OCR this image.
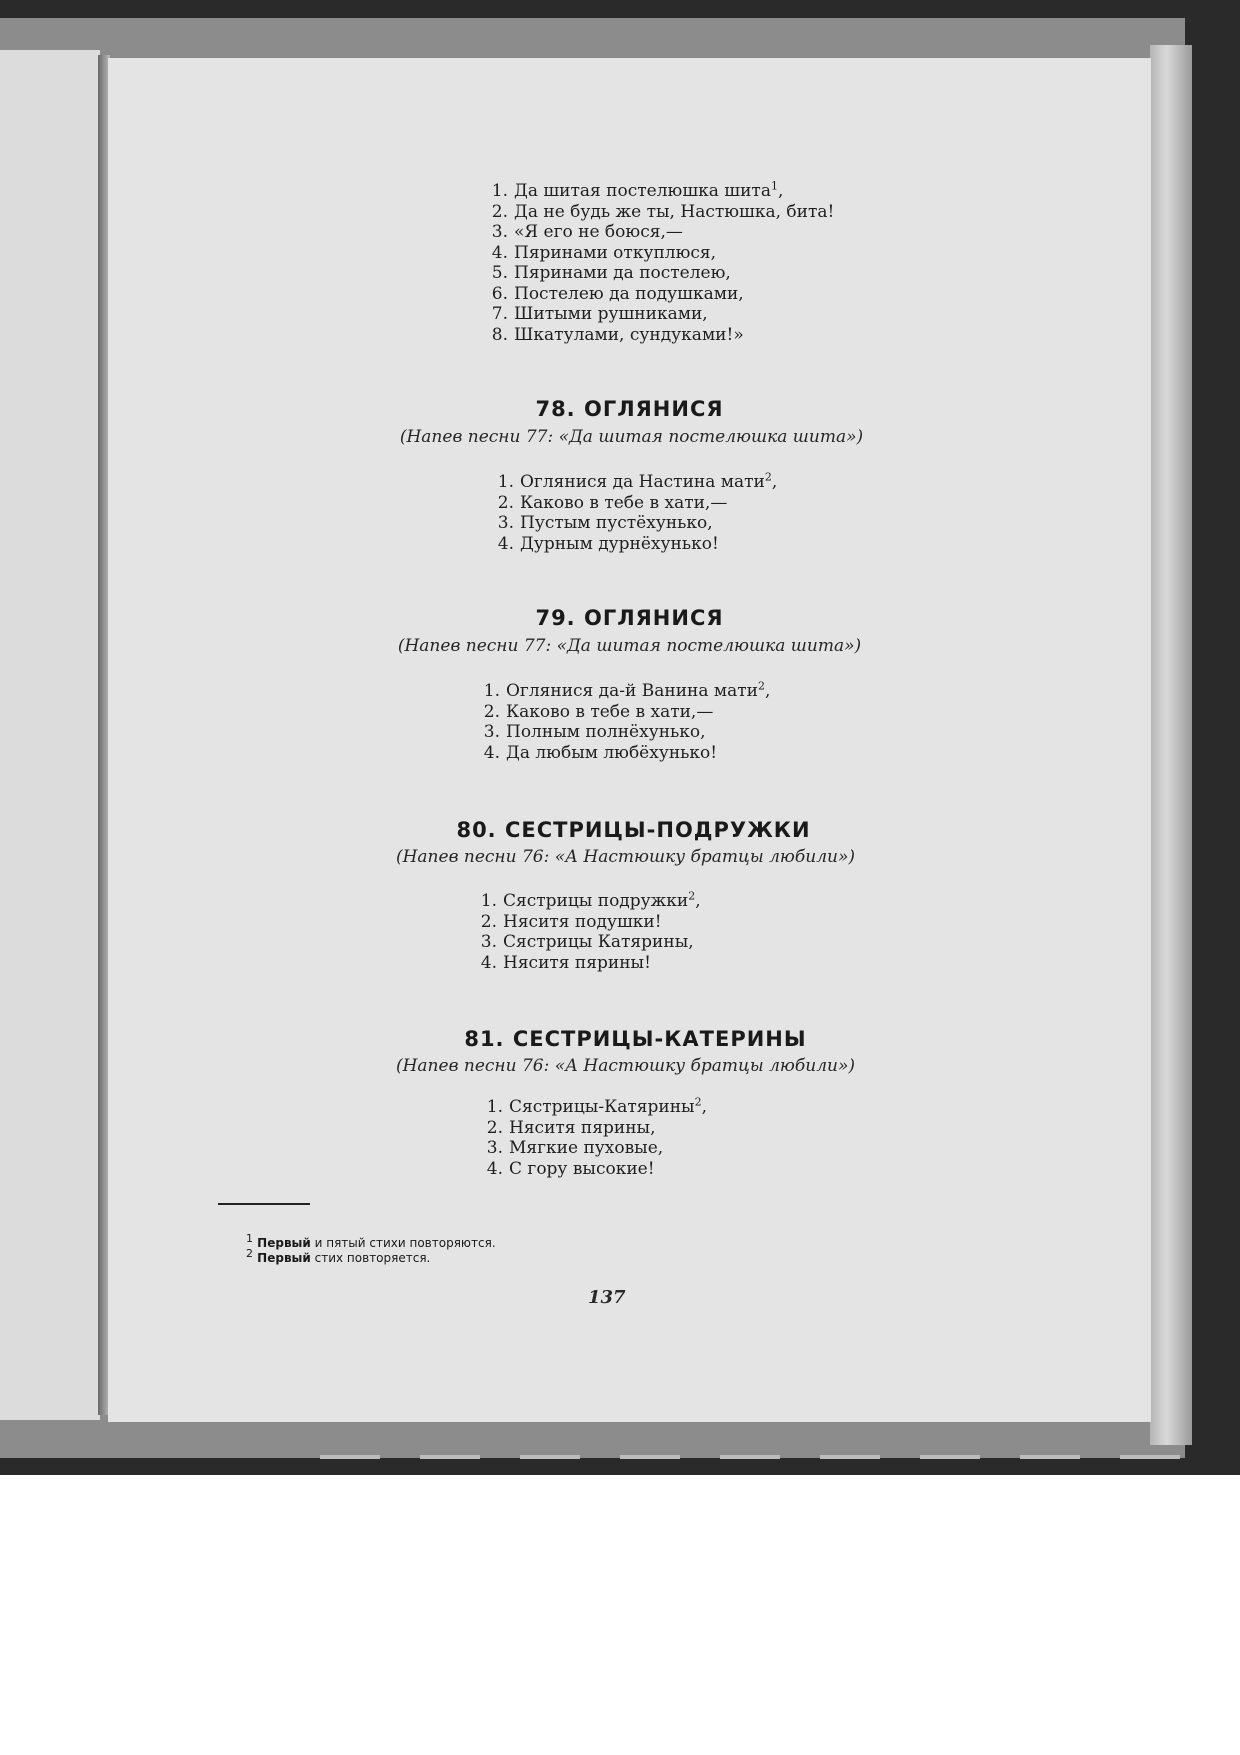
1. Да шитая постелюшка шита$^1$,
2. Да не будь же ты, Настюшка, бита!
3. «Я его не боюся,—
4. Пяринами откуплюся,
5. Пяринами да постелею,
6. Постелею да подушками,
7. Шитыми рушниками,
8. Шкатулами, сундуками!»
78. ОГЛЯНИСЯ
(Напев песни 77: «Да шитая постелюшка шита»)
1. Оглянися да Настина мати$^2$,
2. Каково в тебе в хати,—
3. Пустым пустёхунько,
4. Дурным дурнёхунько!
79. ОГЛЯНИСЯ
(Напев песни 77: «Да шитая постелюшка шита»)
1. Оглянися да-й Ванина мати$^2$,
2. Каково в тебе в хати,—
3. Полным полнёхунько,
4. Да любым любёхунько!
80. СЕСТРИЦЫ-ПОДРУЖКИ
(Напев песни 76: «А Настюшку братцы любили»)
1. Сястрицы подружки$^2$,
2. Няситя подушки!
3. Сястрицы Катярины,
4. Няситя пярины!
81. СЕСТРИЦЫ-КАТЕРИНЫ
(Напев песни 76: «А Настюшку братцы любили»)
1. Сястрицы-Катярины$^2$,
2. Няситя пярины,
3. Мягкие пуховые,
4. С гору высокие!
$^1$ Первый и пятый стихи повторяются.
$^2$ Первый стих повторяется.
137
